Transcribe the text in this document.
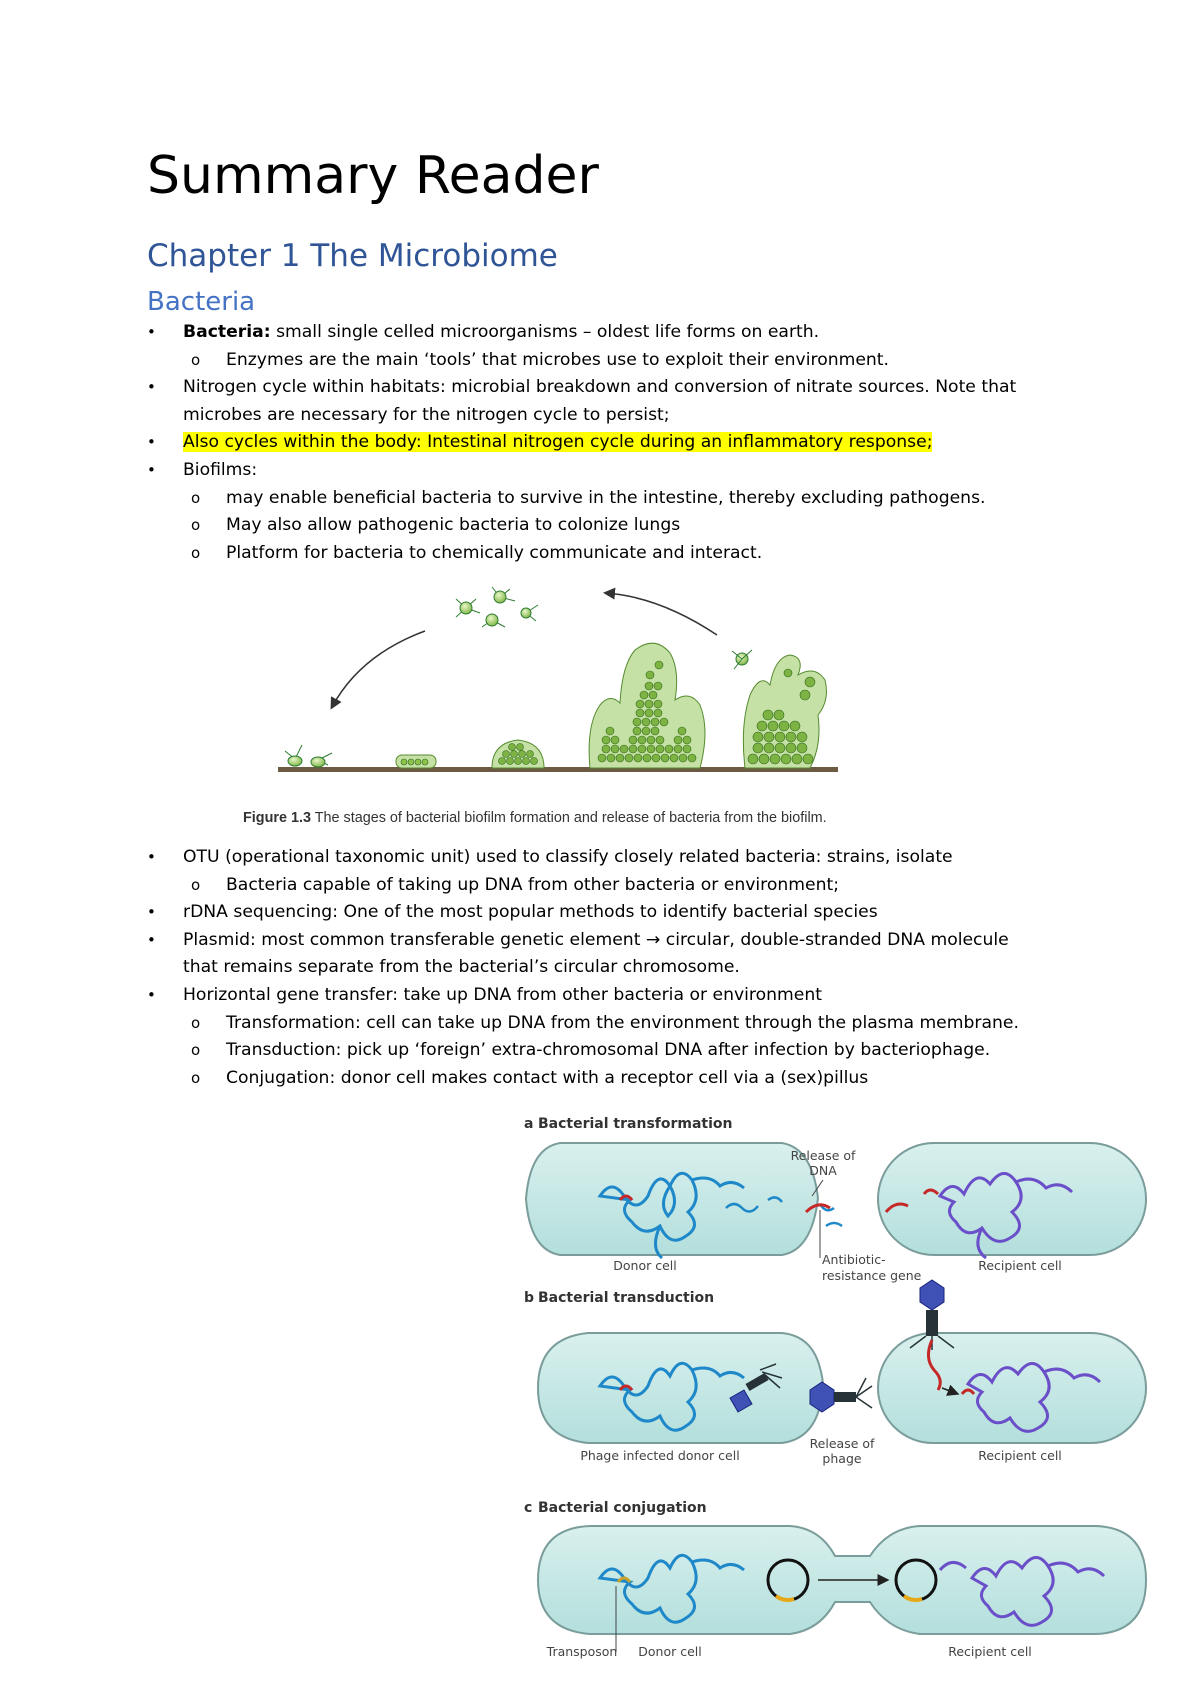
Summary Reader
Chapter 1 The Microbiome
Bacteria
• Bacteria: small single celled microorganisms – oldest life forms on earth.
o Enzymes are the main ‘tools’ that microbes use to exploit their environment.
• Nitrogen cycle within habitats: microbial breakdown and conversion of nitrate sources. Note that
microbes are necessary for the nitrogen cycle to persist;
• Also cycles within the body: Intestinal nitrogen cycle during an inflammatory response;
• Biofilms:
o may enable beneficial bacteria to survive in the intestine, thereby excluding pathogens.
o May also allow pathogenic bacteria to colonize lungs
o Platform for bacteria to chemically communicate and interact.
Figure 1.3 The stages of bacterial biofilm formation and release of bacteria from the biofilm.
• OTU (operational taxonomic unit) used to classify closely related bacteria: strains, isolate
o Bacteria capable of taking up DNA from other bacteria or environment;
• rDNA sequencing: One of the most popular methods to identify bacterial species
• Plasmid: most common transferable genetic element → circular, double-stranded DNA molecule
that remains separate from the bacterial’s circular chromosome.
• Horizontal gene transfer: take up DNA from other bacteria or environment
o Transformation: cell can take up DNA from the environment through the plasma membrane.
o Transduction: pick up ‘foreign’ extra-chromosomal DNA after infection by bacteriophage.
o Conjugation: donor cell makes contact with a receptor cell via a (sex)pillus
a Bacterial transformation
Release of
DNA
Donor cell	Antibiotic-
resistance gene
Recipient cell
b Bacterial transduction
Phage infected donor cell
Release of
phage	Recipient cell
c Bacterial conjugation
Transposon Donor cell	Recipient cell
